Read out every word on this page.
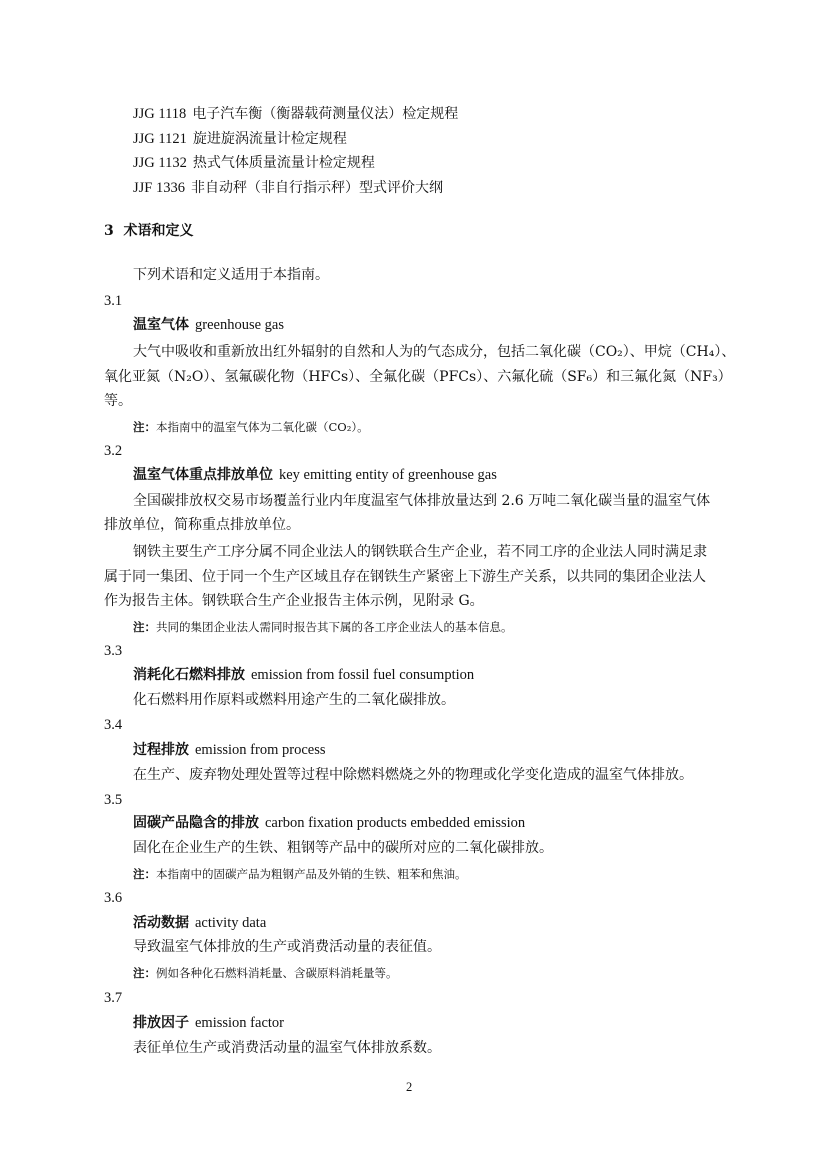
JJG 1118 电子汽车衡（衡器载荷测量仪法）检定规程
JJG 1121 旋进旋涡流量计检定规程
JJG 1132 热式气体质量流量计检定规程
JJF 1336 非自动秤（非自行指示秤）型式评价大纲
3 术语和定义
下列术语和定义适用于本指南。
3.1
温室气体 greenhouse gas
大气中吸收和重新放出红外辐射的自然和人为的气态成分，包括二氧化碳（CO₂）、甲烷（CH₄）、
氧化亚氮（N₂O）、氢氟碳化物（HFCs）、全氟化碳（PFCs）、六氟化硫（SF₆）和三氟化氮（NF₃）
等。
注：本指南中的温室气体为二氧化碳（CO₂）。
3.2
温室气体重点排放单位 key emitting entity of greenhouse gas
全国碳排放权交易市场覆盖行业内年度温室气体排放量达到 2.6 万吨二氧化碳当量的温室气体
排放单位，简称重点排放单位。
钢铁主要生产工序分属不同企业法人的钢铁联合生产企业，若不同工序的企业法人同时满足隶
属于同一集团、位于同一个生产区域且存在钢铁生产紧密上下游生产关系，以共同的集团企业法人
作为报告主体。钢铁联合生产企业报告主体示例，见附录 G。
注：共同的集团企业法人需同时报告其下属的各工序企业法人的基本信息。
3.3
消耗化石燃料排放 emission from fossil fuel consumption
化石燃料用作原料或燃料用途产生的二氧化碳排放。
3.4
过程排放 emission from process
在生产、废弃物处理处置等过程中除燃料燃烧之外的物理或化学变化造成的温室气体排放。
3.5
固碳产品隐含的排放 carbon fixation products embedded emission
固化在企业生产的生铁、粗钢等产品中的碳所对应的二氧化碳排放。
注：本指南中的固碳产品为粗钢产品及外销的生铁、粗苯和焦油。
3.6
活动数据 activity data
导致温室气体排放的生产或消费活动量的表征值。
注：例如各种化石燃料消耗量、含碳原料消耗量等。
3.7
排放因子 emission factor
表征单位生产或消费活动量的温室气体排放系数。
2
